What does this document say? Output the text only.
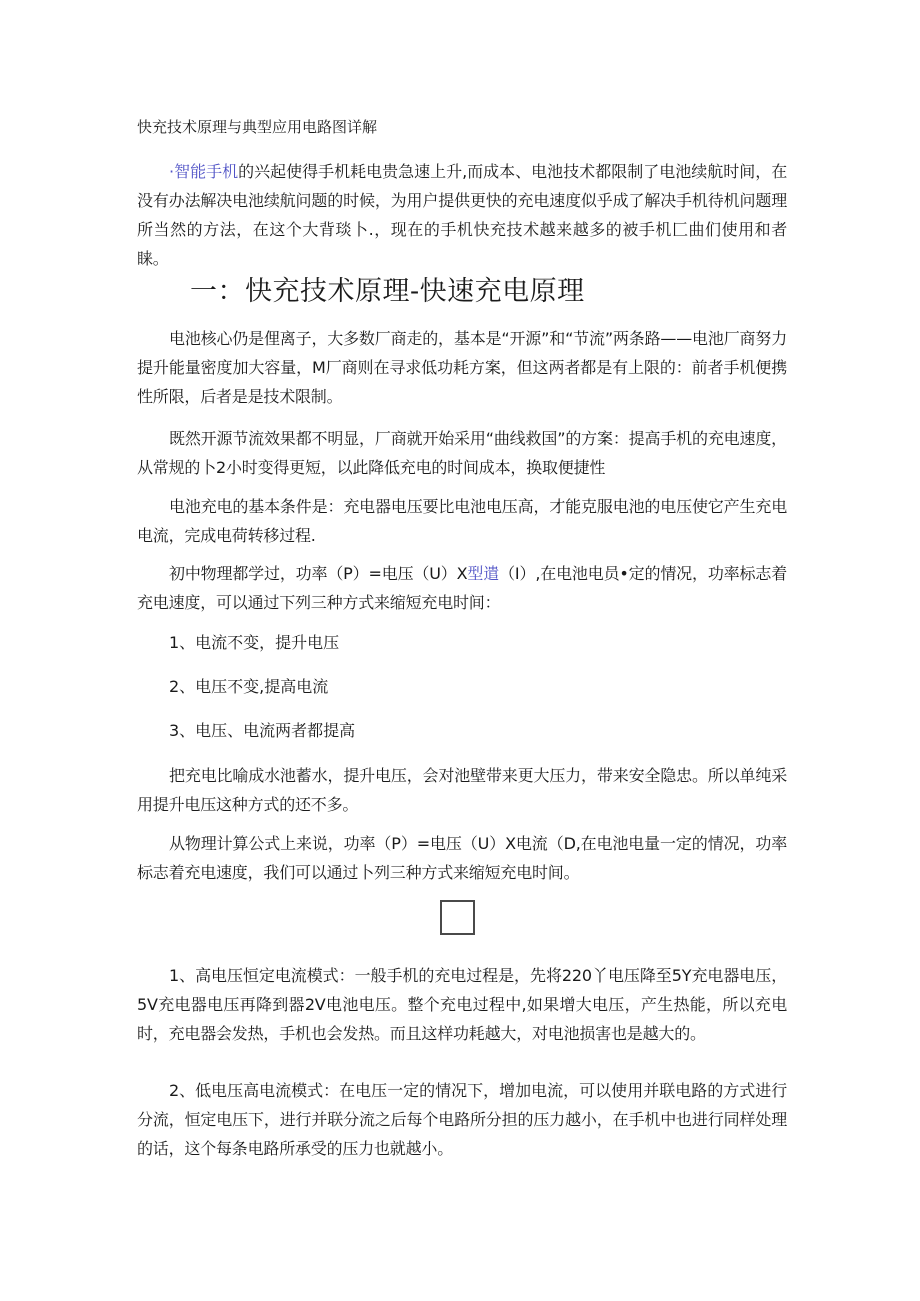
快充技术原理与典型应用电路图详解

·智能手机的兴起使得手机耗电贵急速上升,而成本、电池技术都限制了电池续航时间，在没有办法解决电池续航问题的时候，为用户提供更快的充电速度似乎成了解决手机待机问题理所当然的方法，在这个大背琰卜.，现在的手机快充技术越来越多的被手机匚曲们使用和者睐。

一：快充技术原理-快速充电原理

电池核心仍是俚离子，大多数厂商走的，基本是“开源”和“节流”两条路——电池厂商努力提升能量密度加大容量，M厂商则在寻求低功耗方案，但这两者都是有上限的：前者手机便携性所限，后者是是技术限制。

既然开源节流效果都不明显，厂商就开始采用“曲线救国”的方案：提高手机的充电速度，从常规的卜2小时变得更短，以此降低充电的时间成本，换取便捷性

电池充电的基本条件是：充电器电压要比电池电压高，才能克服电池的电压使它产生充电电流，完成电荷转移过程.

初中物理都学过，功率（P）=电压（U）X型遣（I）,在电池电员•定的情况，功率标志着充电速度，可以通过下列三种方式来缩短充电时间：

1、电流不变，提升电压

2、电压不变,提高电流

3、电压、电流两者都提高

把充电比喻成水池蓄水，提升电压，会对池壁带来更大压力，带来安全隐忠。所以单纯采用提升电压这种方式的还不多。

从物理计算公式上来说，功率（P）=电压（U）X电流（D,在电池电量一定的情况，功率标志着充电速度，我们可以通过卜列三种方式来缩短充电时间。

1、高电压恒定电流模式：一般手机的充电过程是，先将220丫电压降至5Y充电器电压，5V充电器电压再降到器2V电池电压。整个充电过程中,如果增大电压，产生热能，所以充电时，充电器会发热，手机也会发热。而且这样功耗越大，对电池损害也是越大的。

2、低电压高电流模式：在电压一定的情况下，增加电流，可以使用并联电路的方式进行分流，恒定电压下，进行并联分流之后每个电路所分担的压力越小，在手机中也进行同样处理的话，这个每条电路所承受的压力也就越小。
